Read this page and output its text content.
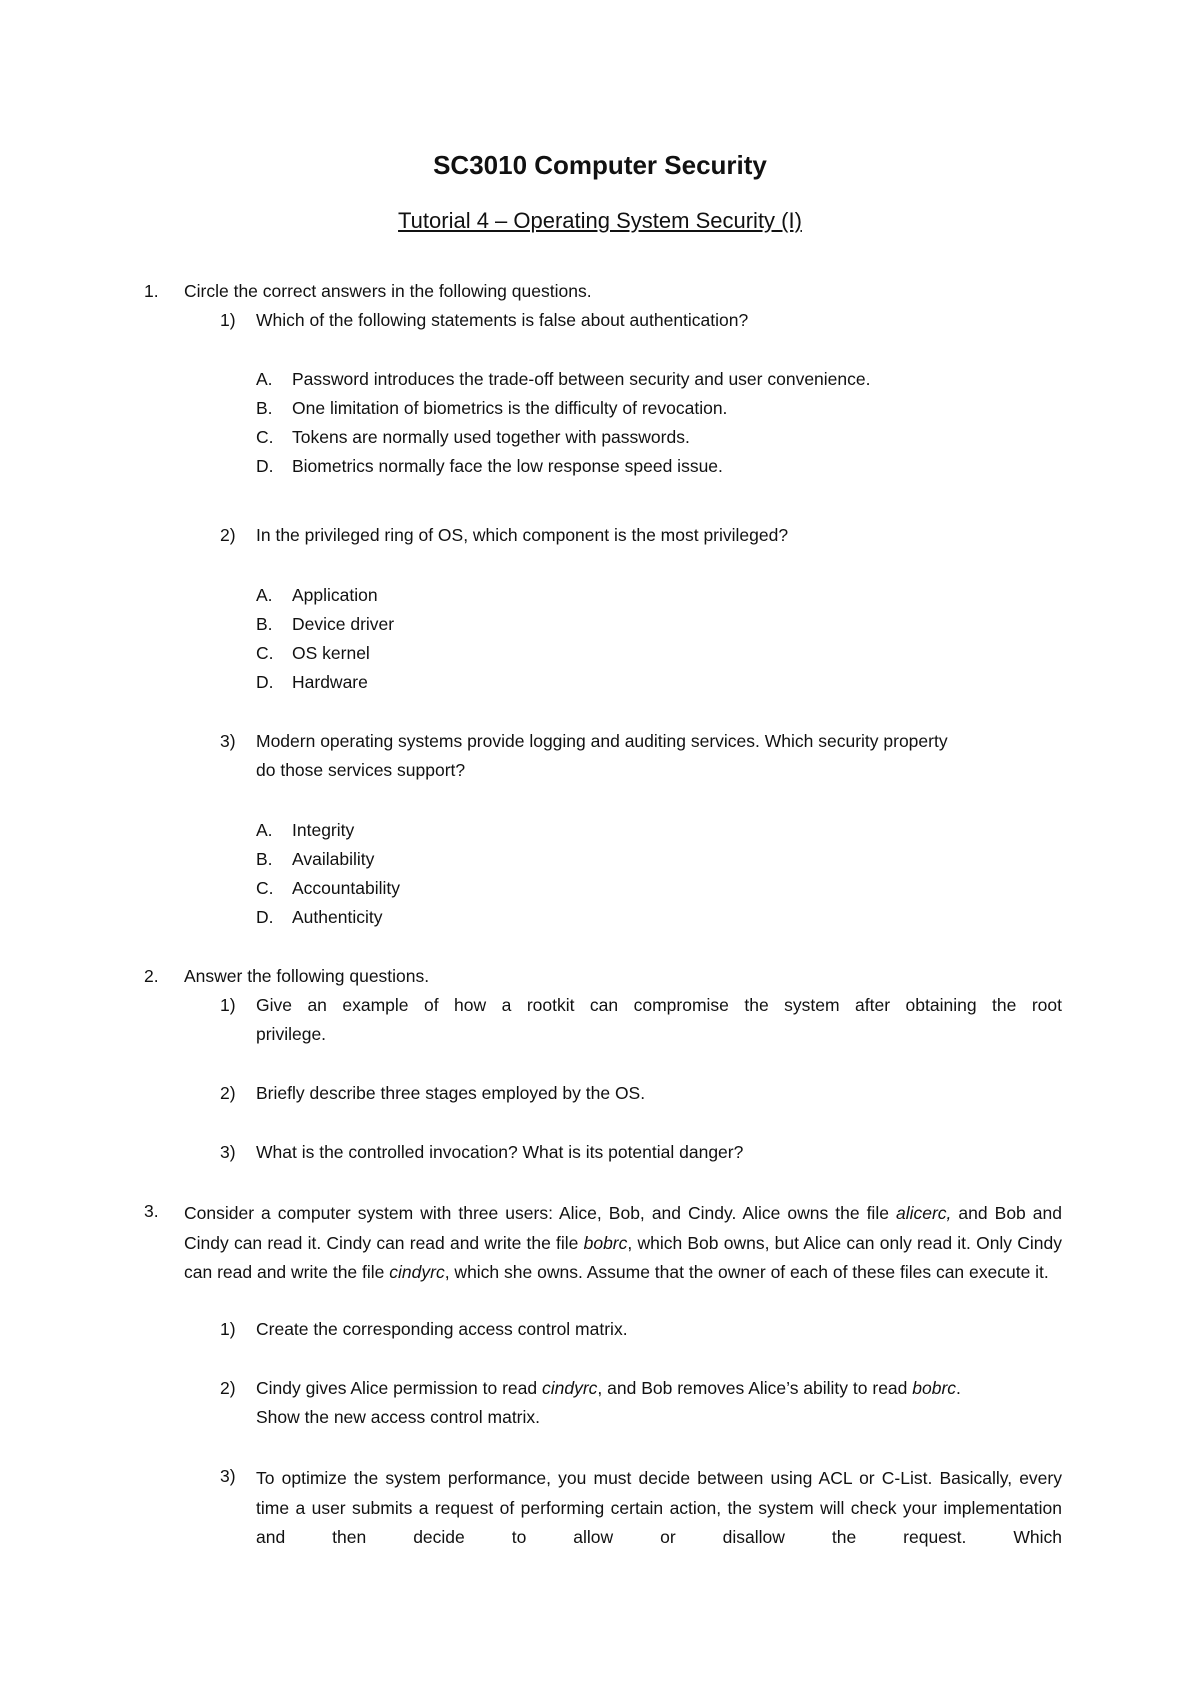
SC3010 Computer Security
Tutorial 4 – Operating System Security (I)
1. Circle the correct answers in the following questions.
1) Which of the following statements is false about authentication?
A. Password introduces the trade-off between security and user convenience.
B. One limitation of biometrics is the difficulty of revocation.
C. Tokens are normally used together with passwords.
D. Biometrics normally face the low response speed issue.
2) In the privileged ring of OS, which component is the most privileged?
A. Application
B. Device driver
C. OS kernel
D. Hardware
3) Modern operating systems provide logging and auditing services. Which security property
do those services support?
A. Integrity
B. Availability
C. Accountability
D. Authenticity
2. Answer the following questions.
1) Give an example of how a rootkit can compromise the system after obtaining the root
privilege.
2) Briefly describe three stages employed by the OS.
3) What is the controlled invocation? What is its potential danger?
3. Consider a computer system with three users: Alice, Bob, and Cindy. Alice owns the file alicerc, and Bob and Cindy can read it. Cindy can read and write the file bobrc, which Bob owns, but Alice can only read it. Only Cindy can read and write the file cindyrc, which she owns. Assume that the owner of each of these files can execute it.
1) Create the corresponding access control matrix.
2) Cindy gives Alice permission to read cindyrc, and Bob removes Alice’s ability to read bobrc.
Show the new access control matrix.
3) To optimize the system performance, you must decide between using ACL or C-List. Basically, every time a user submits a request of performing certain action, the system will check your implementation and then decide to allow or disallow the request. Which
